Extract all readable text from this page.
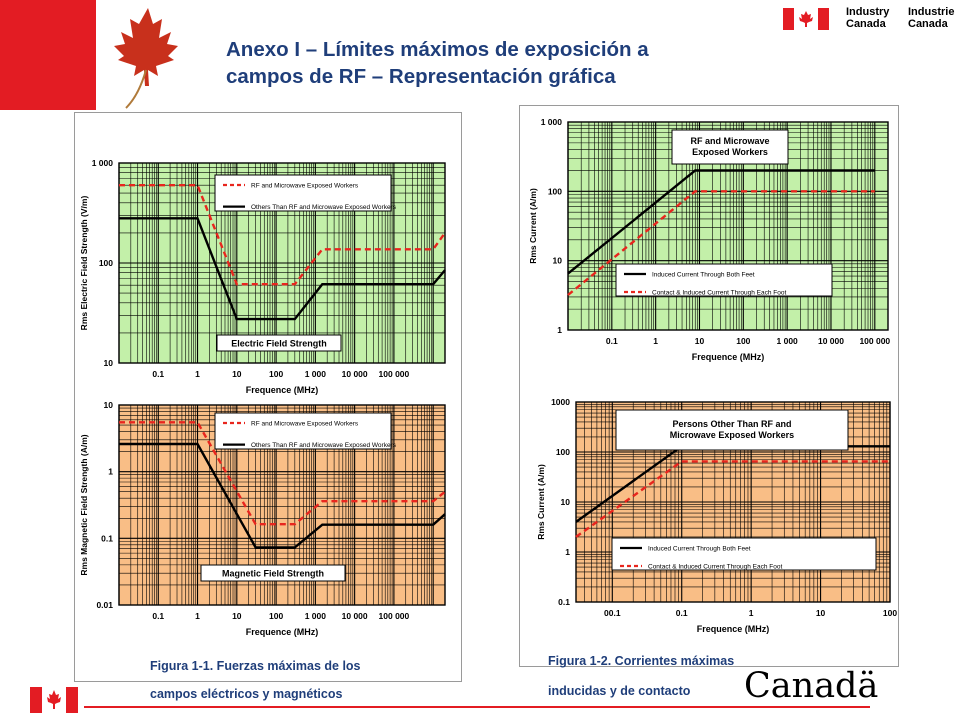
Anexo I – Límites máximos de exposición a
campos de RF – Representación gráfica
Industry
Canada
Industrie
Canada
0.1	1	10	100	1 000 10 000 100 000
10
100
1 000
Frequence (MHz)
Rms Electric Field Strength (V/m)
RF and Microwave Exposed Workers
Others Than RF and Microwave Exposed Workers
Electric Field Strength
0.1	1	10	100	1 000 10 000 100 000
0.01
0.1
1
10
Frequence (MHz)
Rms Magnetic Field Strength (A/m)
RF and Microwave Exposed Workers
Others Than RF and Microwave Exposed Workers
Magnetic Field Strength
0.1	1	10	100	1 000 10 000 100 000
1
10
100
1 000
Frequence (MHz)
Rms Current (A/m)
Induced Current Through Both Feet
Contact & Induced Current Through Each Foot
RF and Microwave Exposed Workers
00.1	0.1	1	10	100
0.1
1
10
100
1000
Frequence (MHz)
Rms Current (A/m)
Induced Current Through Both Feet
Contact & Induced Current Through Each Foot
Persons Other Than RF and Microwave Exposed Workers
Figura 1-1. Fuerzas máximas de los
campos eléctricos y magnéticos
Figura 1-2. Corrientes máximas
inducidas y de contacto Canadä
